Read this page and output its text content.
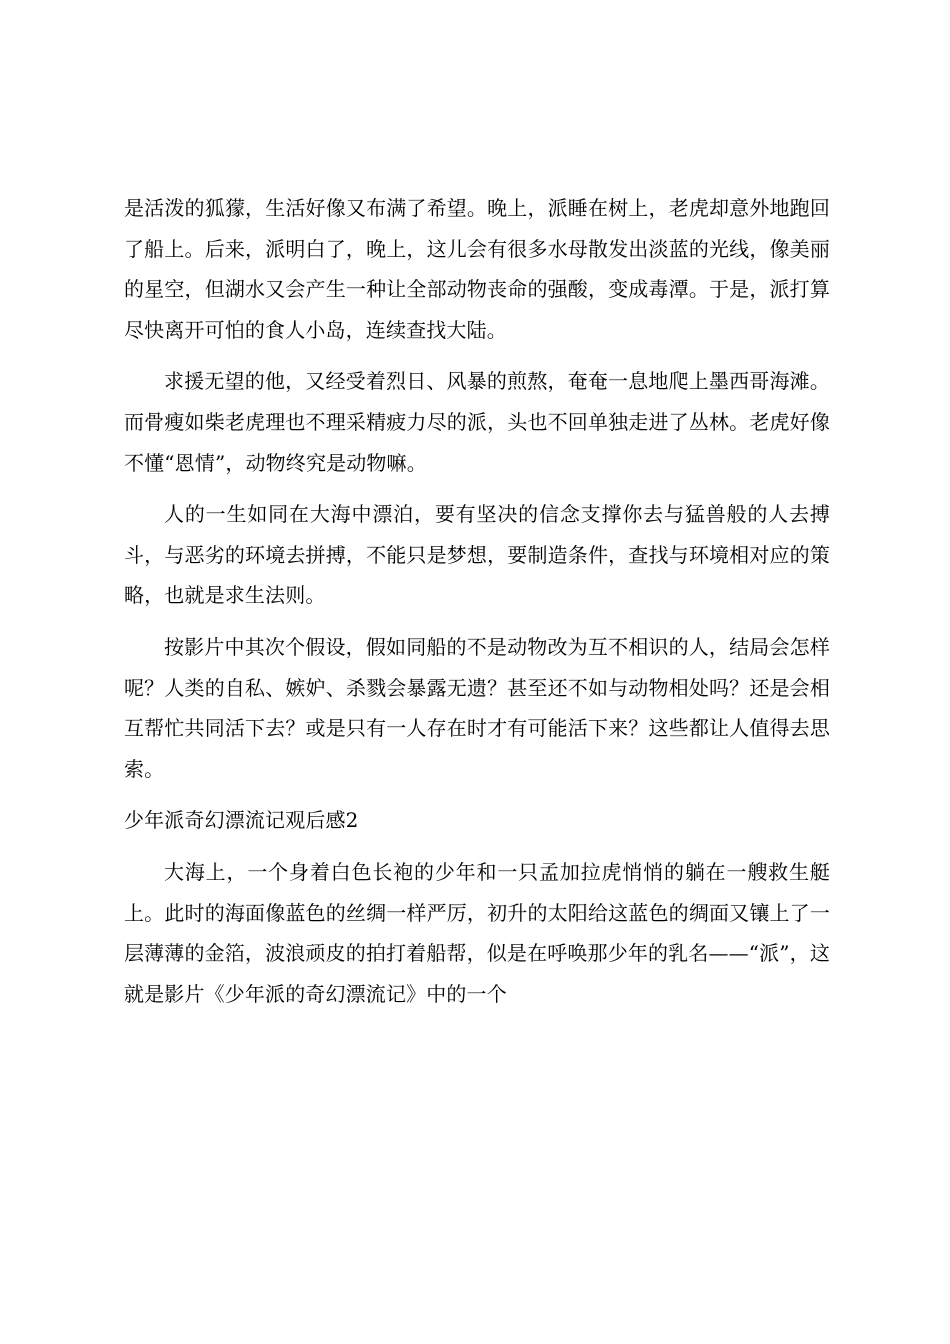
是活泼的狐獴，生活好像又布满了希望。晚上，派睡在树上，老虎却意外地跑回了船上。后来，派明白了，晚上，这儿会有很多水母散发出淡蓝的光线，像美丽的星空，但湖水又会产生一种让全部动物丧命的强酸，变成毒潭。于是，派打算尽快离开可怕的食人小岛，连续查找大陆。

求援无望的他，又经受着烈日、风暴的煎熬，奄奄一息地爬上墨西哥海滩。而骨瘦如柴老虎理也不理采精疲力尽的派，头也不回单独走进了丛林。老虎好像不懂“恩情”，动物终究是动物嘛。

人的一生如同在大海中漂泊，要有坚决的信念支撑你去与猛兽般的人去搏斗，与恶劣的环境去拼搏，不能只是梦想，要制造条件，查找与环境相对应的策略，也就是求生法则。

按影片中其次个假设，假如同船的不是动物改为互不相识的人，结局会怎样呢？人类的自私、嫉妒、杀戮会暴露无遗？甚至还不如与动物相处吗？还是会相互帮忙共同活下去？或是只有一人存在时才有可能活下来？这些都让人值得去思索。

少年派奇幻漂流记观后感2

大海上，一个身着白色长袍的少年和一只孟加拉虎悄悄的躺在一艘救生艇上。此时的海面像蓝色的丝绸一样严厉，初升的太阳给这蓝色的绸面又镶上了一层薄薄的金箔，波浪顽皮的拍打着船帮，似是在呼唤那少年的乳名——“派”，这就是影片《少年派的奇幻漂流记》中的一个
